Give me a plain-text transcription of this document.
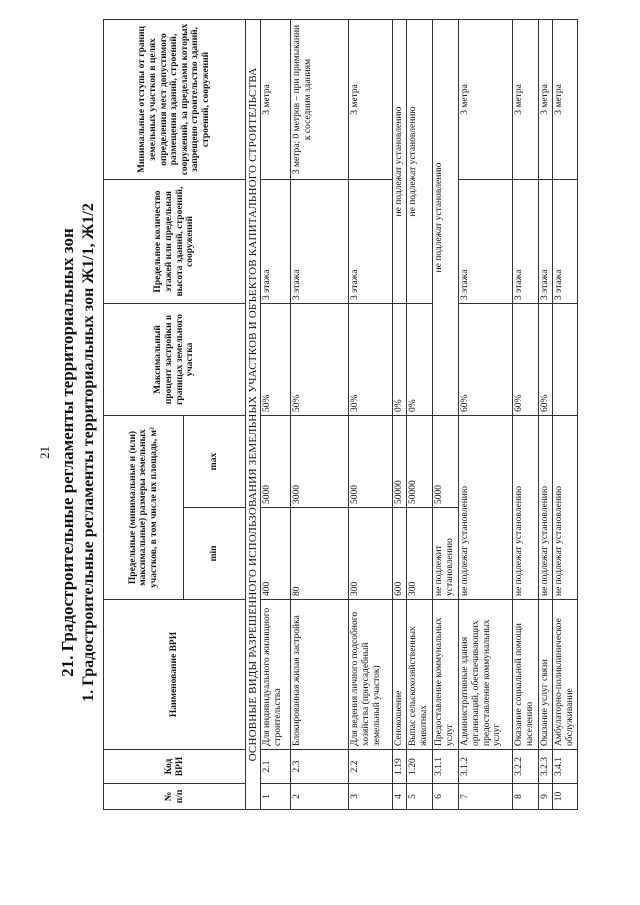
21 21. Градостроительные регламенты территориальных зон 1. Градостроительные регламенты территориальных зон Ж1/1, Ж1/2
№ п/п	Код ВРИ	Наименование ВРИ	Предельные (минимальные и (или) максимальные) размеры земельных участков, в том числе их площадь, м²		Максимальный процент застройки в границах земельного участка	Предельное количество этажей или предельная высота зданий, строений, сооружений	Минимальные отступы от границ земельных участков в целях определения мест допустимого размещения зданий, строений, сооружений, за пределами которых запрещено строительство зданий, строений, сооружений
			min	max			
ОСНОВНЫЕ ВИДЫ РАЗРЕШЕННОГО ИСПОЛЬЗОВАНИЯ ЗЕМЕЛЬНЫХ УЧАСТКОВ И ОБЪЕКТОВ КАПИТАЛЬНОГО СТРОИТЕЛЬСТВА							
1	2.1	Для индивидуального жилищного строительства	400	5000	50%	3 этажа	3 метра
2	2.3	Блокированная жилая застройка	80	3000	50%	3 этажа	3 метра; 0 метров – при примыкании к соседним зданиям
3	2.2	Для ведения личного подсобного хозяйства (приусадебный земельный участок)	300	5000	30%	3 этажа	3 метра
4	1.19	Сенокошение	600	50000	0%	не подлежат установлению	
5	1.20	Выпас сельскохозяйственных животных	300	50000	0%	не подлежат установлению	
6	3.1.1	Предоставление коммунальных услуг	не подлежит установлению	5000	не подлежат установлению		
7	3.1.2	Административные здания организаций, обеспечивающих предоставление коммунальных услуг	не подлежат установлению		60%	3 этажа	3 метра
8	3.2.2	Оказание социальной помощи населению	не подлежат установлению		60%	3 этажа	3 метра
9	3.2.3	Оказание услуг связи	не подлежат установлению		60%	3 этажа	3 метра
10	3.4.1	Амбулаторно-поликлиническое обслуживание	не подлежат установлению			3 этажа	3 метра
